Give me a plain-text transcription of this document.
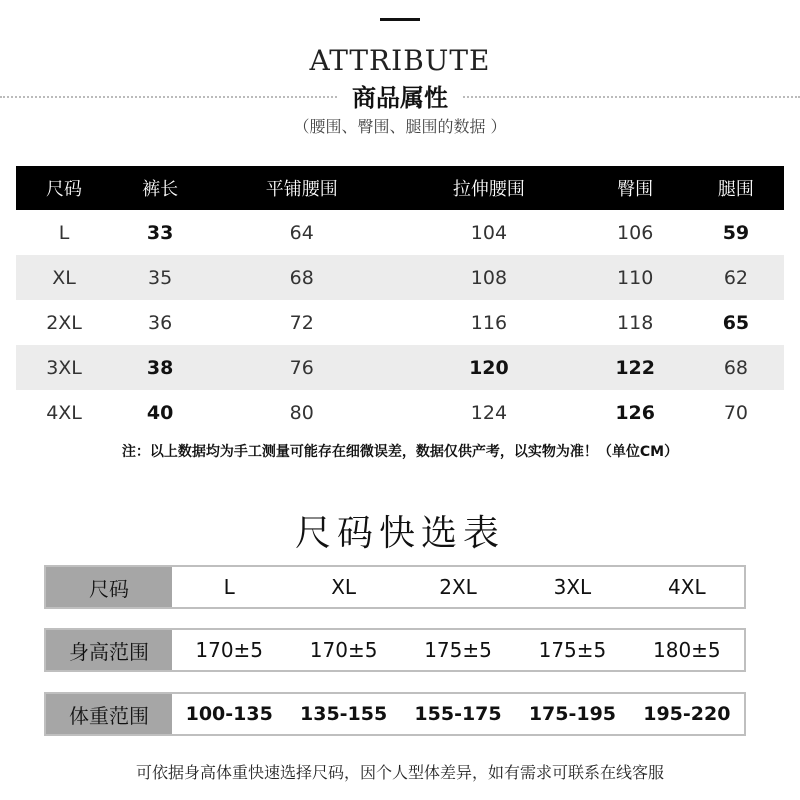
ATTRIBUTE
商品属性
（腰围、臀围、腿围的数据 ）
尺码	裤长	平铺腰围	拉伸腰围	臀围	腿围
L	33	64	104	106	59
XL	35	68	108	110	62
2XL	36	72	116	118	65
3XL	38	76	120	122	68
4XL	40	80	124	126	70
注：以上数据均为手工测量可能存在细微误差，数据仅供产考，以实物为准！（单位CM）
尺码快选表
尺码	L	XL	2XL	3XL	4XL
身高范围	170±5	170±5	175±5	175±5	180±5
体重范围	100-135	135-155	155-175	175-195	195-220
可依据身高体重快速选择尺码，因个人型体差异，如有需求可联系在线客服
